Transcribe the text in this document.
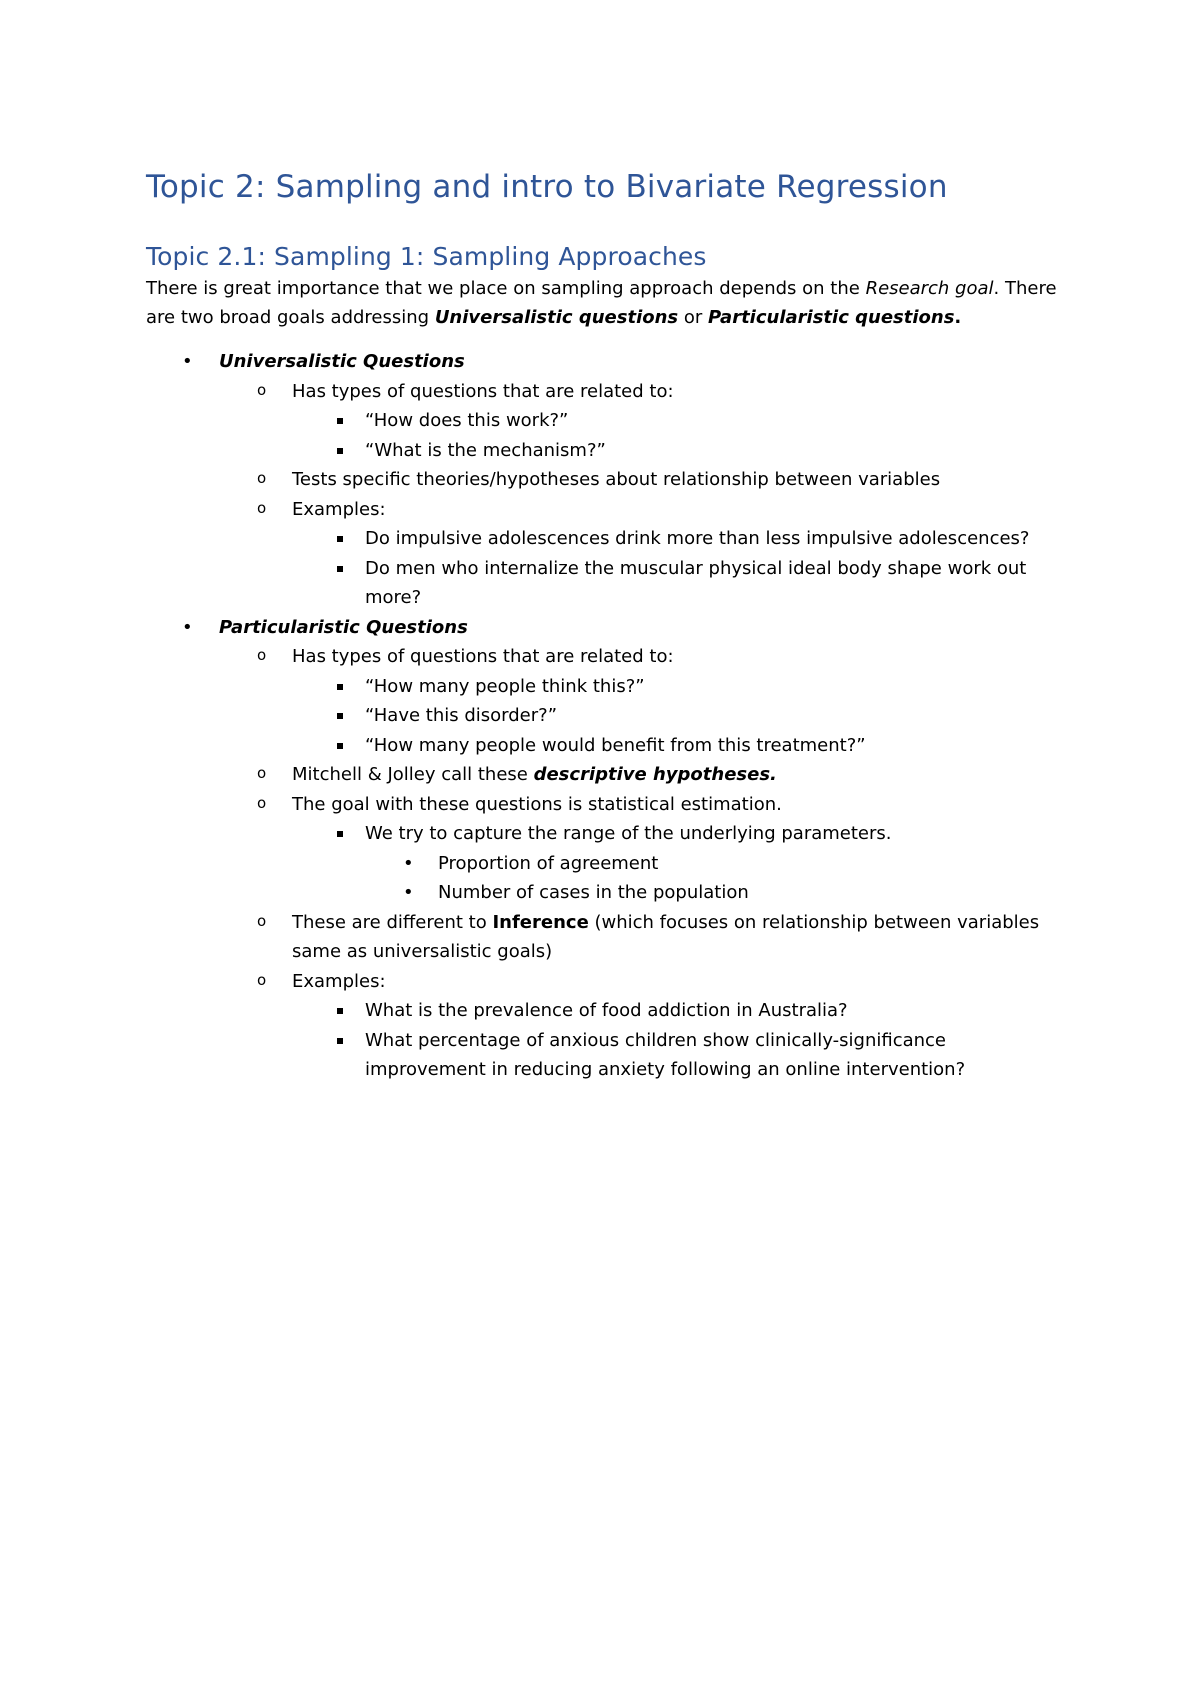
Topic 2: Sampling and intro to Bivariate Regression
Topic 2.1: Sampling 1: Sampling Approaches

There is great importance that we place on sampling approach depends on the Research goal. There are two broad goals addressing Universalistic questions or Particularistic questions.

• Universalistic Questions
o Has types of questions that are related to:
“How does this work?”
“What is the mechanism?”
o Tests specific theories/hypotheses about relationship between variables
o Examples:
Do impulsive adolescences drink more than less impulsive adolescences?
Do men who internalize the muscular physical ideal body shape work out more?
• Particularistic Questions
o Has types of questions that are related to:
“How many people think this?”
“Have this disorder?”
“How many people would benefit from this treatment?”
o Mitchell & Jolley call these descriptive hypotheses.
o The goal with these questions is statistical estimation.
We try to capture the range of the underlying parameters.
• Proportion of agreement
• Number of cases in the population
o These are different to Inference (which focuses on relationship between variables same as universalistic goals)
o Examples:
What is the prevalence of food addiction in Australia?
What percentage of anxious children show clinically-significance improvement in reducing anxiety following an online intervention?
